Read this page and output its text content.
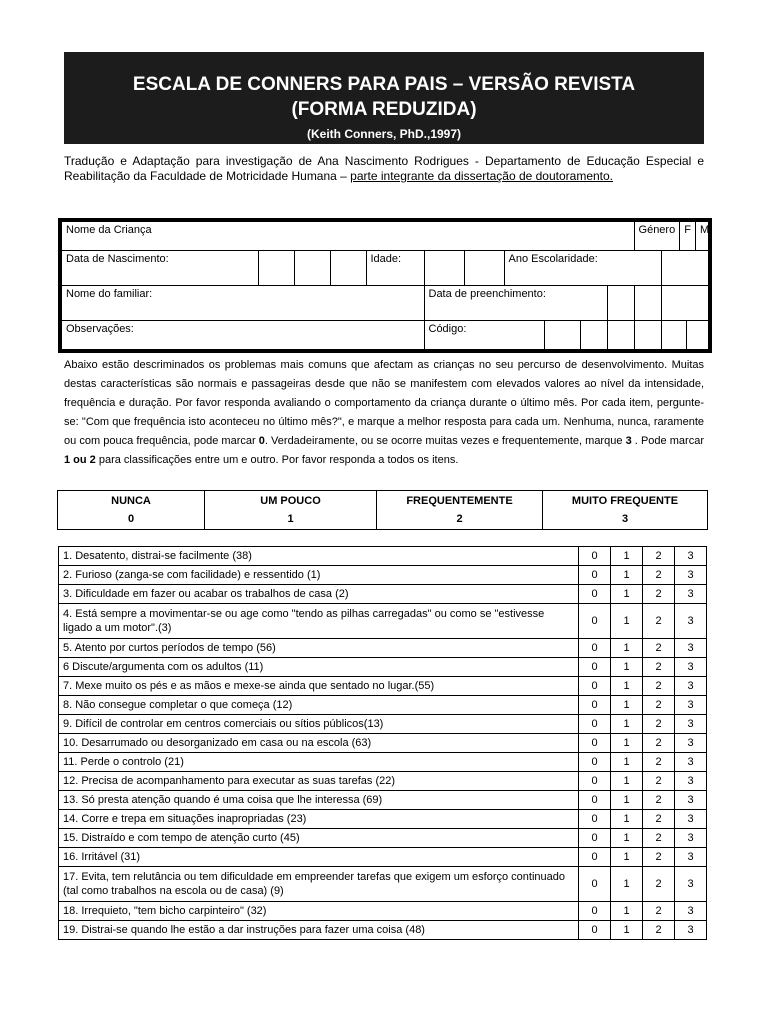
ESCALA DE CONNERS PARA PAIS – VERSÃO REVISTA
(FORMA REDUZIDA)
(Keith Conners, PhD.,1997)
Tradução e Adaptação para investigação de Ana Nascimento Rodrigues - Departamento de Educação Especial e Reabilitação da Faculdade de Motricidade Humana – parte integrante da dissertação de doutoramento.
Nome da Criança		Género	F	M

Data de Nascimento:				Idade:			Ano Escolaridade:	
Nome do familiar:	Data de preenchimento:			
Observações:	Código:						
Abaixo estão descriminados os problemas mais comuns que afectam as crianças no seu percurso de desenvolvimento. Muitas destas características são normais e passageiras desde que não se manifestem com elevados valores ao nível da intensidade, frequência e duração. Por favor responda avaliando o comportamento da criança durante o último mês. Por cada item, pergunte-se: "Com que frequência isto aconteceu no último mês?", e marque a melhor resposta para cada um. Nenhuma, nunca, raramente ou com pouca frequência, pode marcar 0. Verdadeiramente, ou se ocorre muitas vezes e frequentemente, marque 3 . Pode marcar 1 ou 2 para classificações entre um e outro. Por favor responda a todos os itens.
NUNCA
0

UM POUCO
1

FREQUENTEMENTE
2

MUITO FREQUENTE
3
1. Desatento, distrai-se facilmente (38)	0	1	2	3
2. Furioso (zanga-se com facilidade) e ressentido (1)	0	1	2	3
3. Dificuldade em fazer ou acabar os trabalhos de casa (2)	0	1	2	3
4. Está sempre a movimentar-se ou age como "tendo as pilhas carregadas" ou como se "estivesse ligado a um motor".(3)	0	1	2	3
5. Atento por curtos períodos de tempo (56)	0	1	2	3
6 Discute/argumenta com os adultos (11)	0	1	2	3
7. Mexe muito os pés e as mãos e mexe-se ainda que sentado no lugar.(55)	0	1	2	3
8. Não consegue completar o que começa (12)	0	1	2	3
9. Difícil de controlar em centros comerciais ou sítios públicos(13)	0	1	2	3
10. Desarrumado ou desorganizado em casa ou na escola (63)	0	1	2	3
11. Perde o controlo (21)	0	1	2	3
12. Precisa de acompanhamento para executar as suas tarefas (22)	0	1	2	3
13. Só presta atenção quando é uma coisa que lhe interessa (69)	0	1	2	3
14. Corre e trepa em situações inapropriadas (23)	0	1	2	3
15. Distraído e com tempo de atenção curto (45)	0	1	2	3
16. Irritável (31)	0	1	2	3
17. Evita, tem relutância ou tem dificuldade em empreender tarefas que exigem um esforço continuado (tal como trabalhos na escola ou de casa) (9)	0	1	2	3
18. Irrequieto, "tem bicho carpinteiro" (32)	0	1	2	3
19. Distrai-se quando lhe estão a dar instruções para fazer uma coisa (48)	0	1	2	3
